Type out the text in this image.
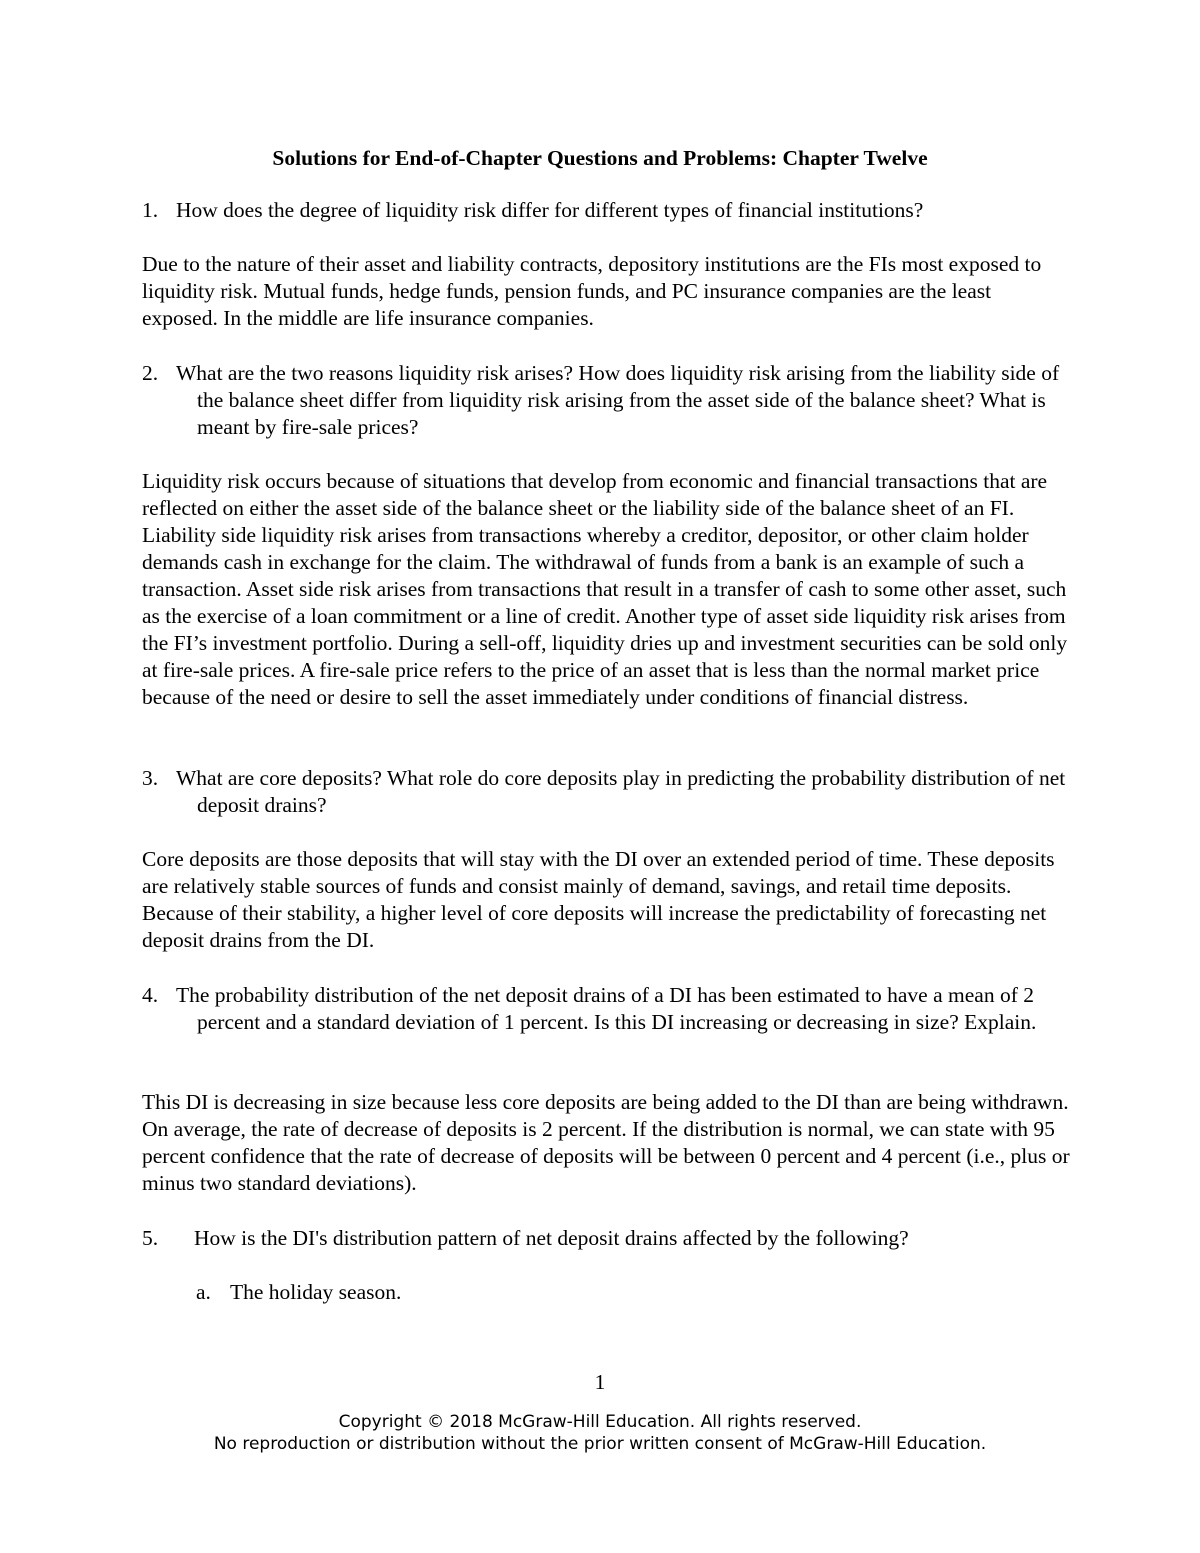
Solutions for End-of-Chapter Questions and Problems: Chapter Twelve
1. How does the degree of liquidity risk differ for different types of financial institutions?
Due to the nature of their asset and liability contracts, depository institutions are the FIs most exposed to liquidity risk. Mutual funds, hedge funds, pension funds, and PC insurance companies are the least exposed. In the middle are life insurance companies.
2. What are the two reasons liquidity risk arises? How does liquidity risk arising from the liability side of the balance sheet differ from liquidity risk arising from the asset side of the balance sheet? What is meant by fire-sale prices?
Liquidity risk occurs because of situations that develop from economic and financial transactions that are reflected on either the asset side of the balance sheet or the liability side of the balance sheet of an FI. Liability side liquidity risk arises from transactions whereby a creditor, depositor, or other claim holder demands cash in exchange for the claim. The withdrawal of funds from a bank is an example of such a transaction. Asset side risk arises from transactions that result in a transfer of cash to some other asset, such as the exercise of a loan commitment or a line of credit. Another type of asset side liquidity risk arises from the FI’s investment portfolio. During a sell-off, liquidity dries up and investment securities can be sold only at fire-sale prices. A fire-sale price refers to the price of an asset that is less than the normal market price because of the need or desire to sell the asset immediately under conditions of financial distress.
3. What are core deposits? What role do core deposits play in predicting the probability distribution of net deposit drains?
Core deposits are those deposits that will stay with the DI over an extended period of time. These deposits are relatively stable sources of funds and consist mainly of demand, savings, and retail time deposits. Because of their stability, a higher level of core deposits will increase the predictability of forecasting net deposit drains from the DI.
4. The probability distribution of the net deposit drains of a DI has been estimated to have a mean of 2 percent and a standard deviation of 1 percent. Is this DI increasing or decreasing in size? Explain.
This DI is decreasing in size because less core deposits are being added to the DI than are being withdrawn. On average, the rate of decrease of deposits is 2 percent. If the distribution is normal, we can state with 95 percent confidence that the rate of decrease of deposits will be between 0 percent and 4 percent (i.e., plus or minus two standard deviations).
5. How is the DI's distribution pattern of net deposit drains affected by the following?
a. The holiday season.
1
Copyright © 2018 McGraw-Hill Education. All rights reserved.
No reproduction or distribution without the prior written consent of McGraw-Hill Education.
